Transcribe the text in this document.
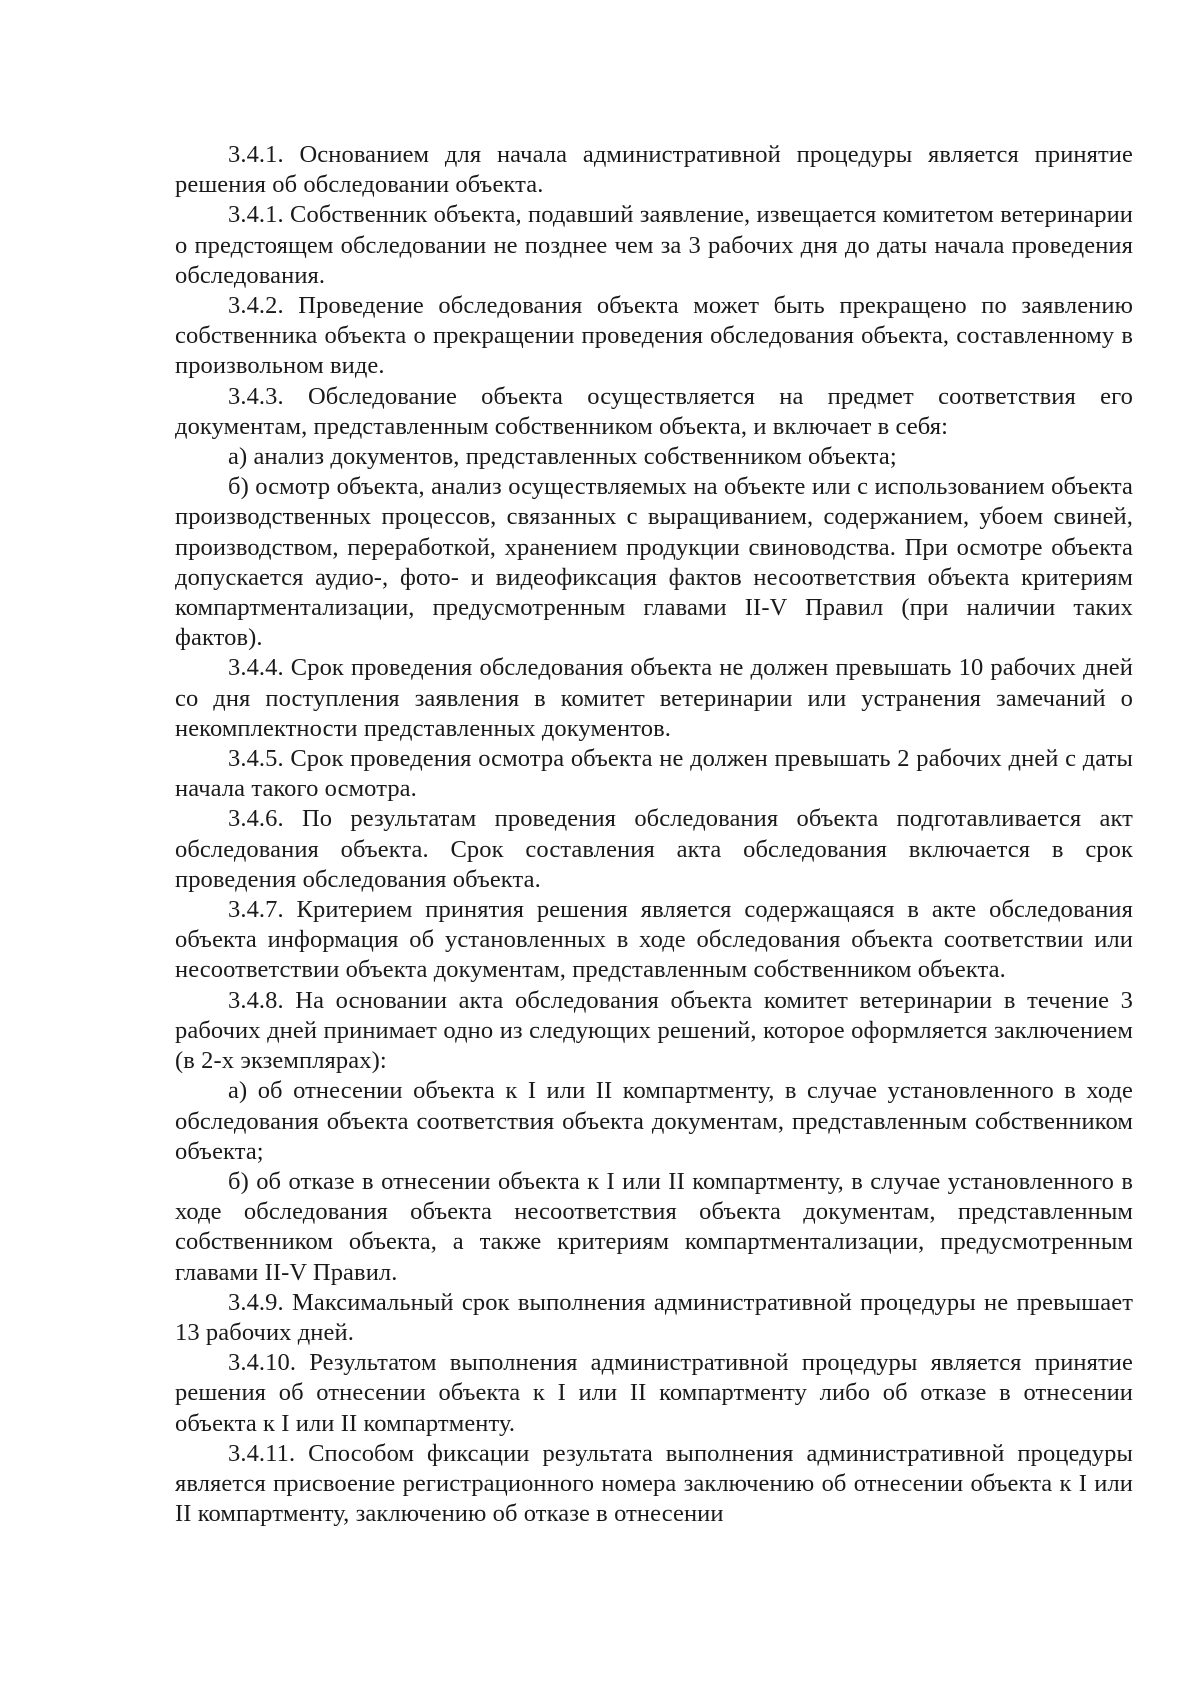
3.4.1. Основанием для начала административной процедуры является принятие решения об обследовании объекта.

3.4.1. Собственник объекта, подавший заявление, извещается комитетом ветеринарии о предстоящем обследовании не позднее чем за 3 рабочих дня до даты начала проведения обследования.

3.4.2. Проведение обследования объекта может быть прекращено по заявлению собственника объекта о прекращении проведения обследования объекта, составленному в произвольном виде.

3.4.3. Обследование объекта осуществляется на предмет соответствия его документам, представленным собственником объекта, и включает в себя:

а) анализ документов, представленных собственником объекта;

б) осмотр объекта, анализ осуществляемых на объекте или с использованием объекта производственных процессов, связанных с выращиванием, содержанием, убоем свиней, производством, переработкой, хранением продукции свиноводства. При осмотре объекта допускается аудио-, фото- и видеофиксация фактов несоответствия объекта критериям компартментализации, предусмотренным главами II-V Правил (при наличии таких фактов).

3.4.4. Срок проведения обследования объекта не должен превышать 10 рабочих дней со дня поступления заявления в комитет ветеринарии или устранения замечаний о некомплектности представленных документов.

3.4.5. Срок проведения осмотра объекта не должен превышать 2 рабочих дней с даты начала такого осмотра.

3.4.6. По результатам проведения обследования объекта подготавливается акт обследования объекта. Срок составления акта обследования включается в срок проведения обследования объекта.

3.4.7. Критерием принятия решения является содержащаяся в акте обследования объекта информация об установленных в ходе обследования объекта соответствии или несоответствии объекта документам, представленным собственником объекта.

3.4.8. На основании акта обследования объекта комитет ветеринарии в течение 3 рабочих дней принимает одно из следующих решений, которое оформляется заключением (в 2-х экземплярах):

а) об отнесении объекта к I или II компартменту, в случае установленного в ходе обследования объекта соответствия объекта документам, представленным собственником объекта;

б) об отказе в отнесении объекта к I или II компартменту, в случае установленного в ходе обследования объекта несоответствия объекта документам, представленным собственником объекта, а также критериям компартментализации, предусмотренным главами II-V Правил.

3.4.9. Максимальный срок выполнения административной процедуры не превышает 13 рабочих дней.

3.4.10. Результатом выполнения административной процедуры является принятие решения об отнесении объекта к I или II компартменту либо об отказе в отнесении объекта к I или II компартменту.

3.4.11. Способом фиксации результата выполнения административной процедуры является присвоение регистрационного номера заключению об отнесении объекта к I или II компартменту, заключению об отказе в отнесении
